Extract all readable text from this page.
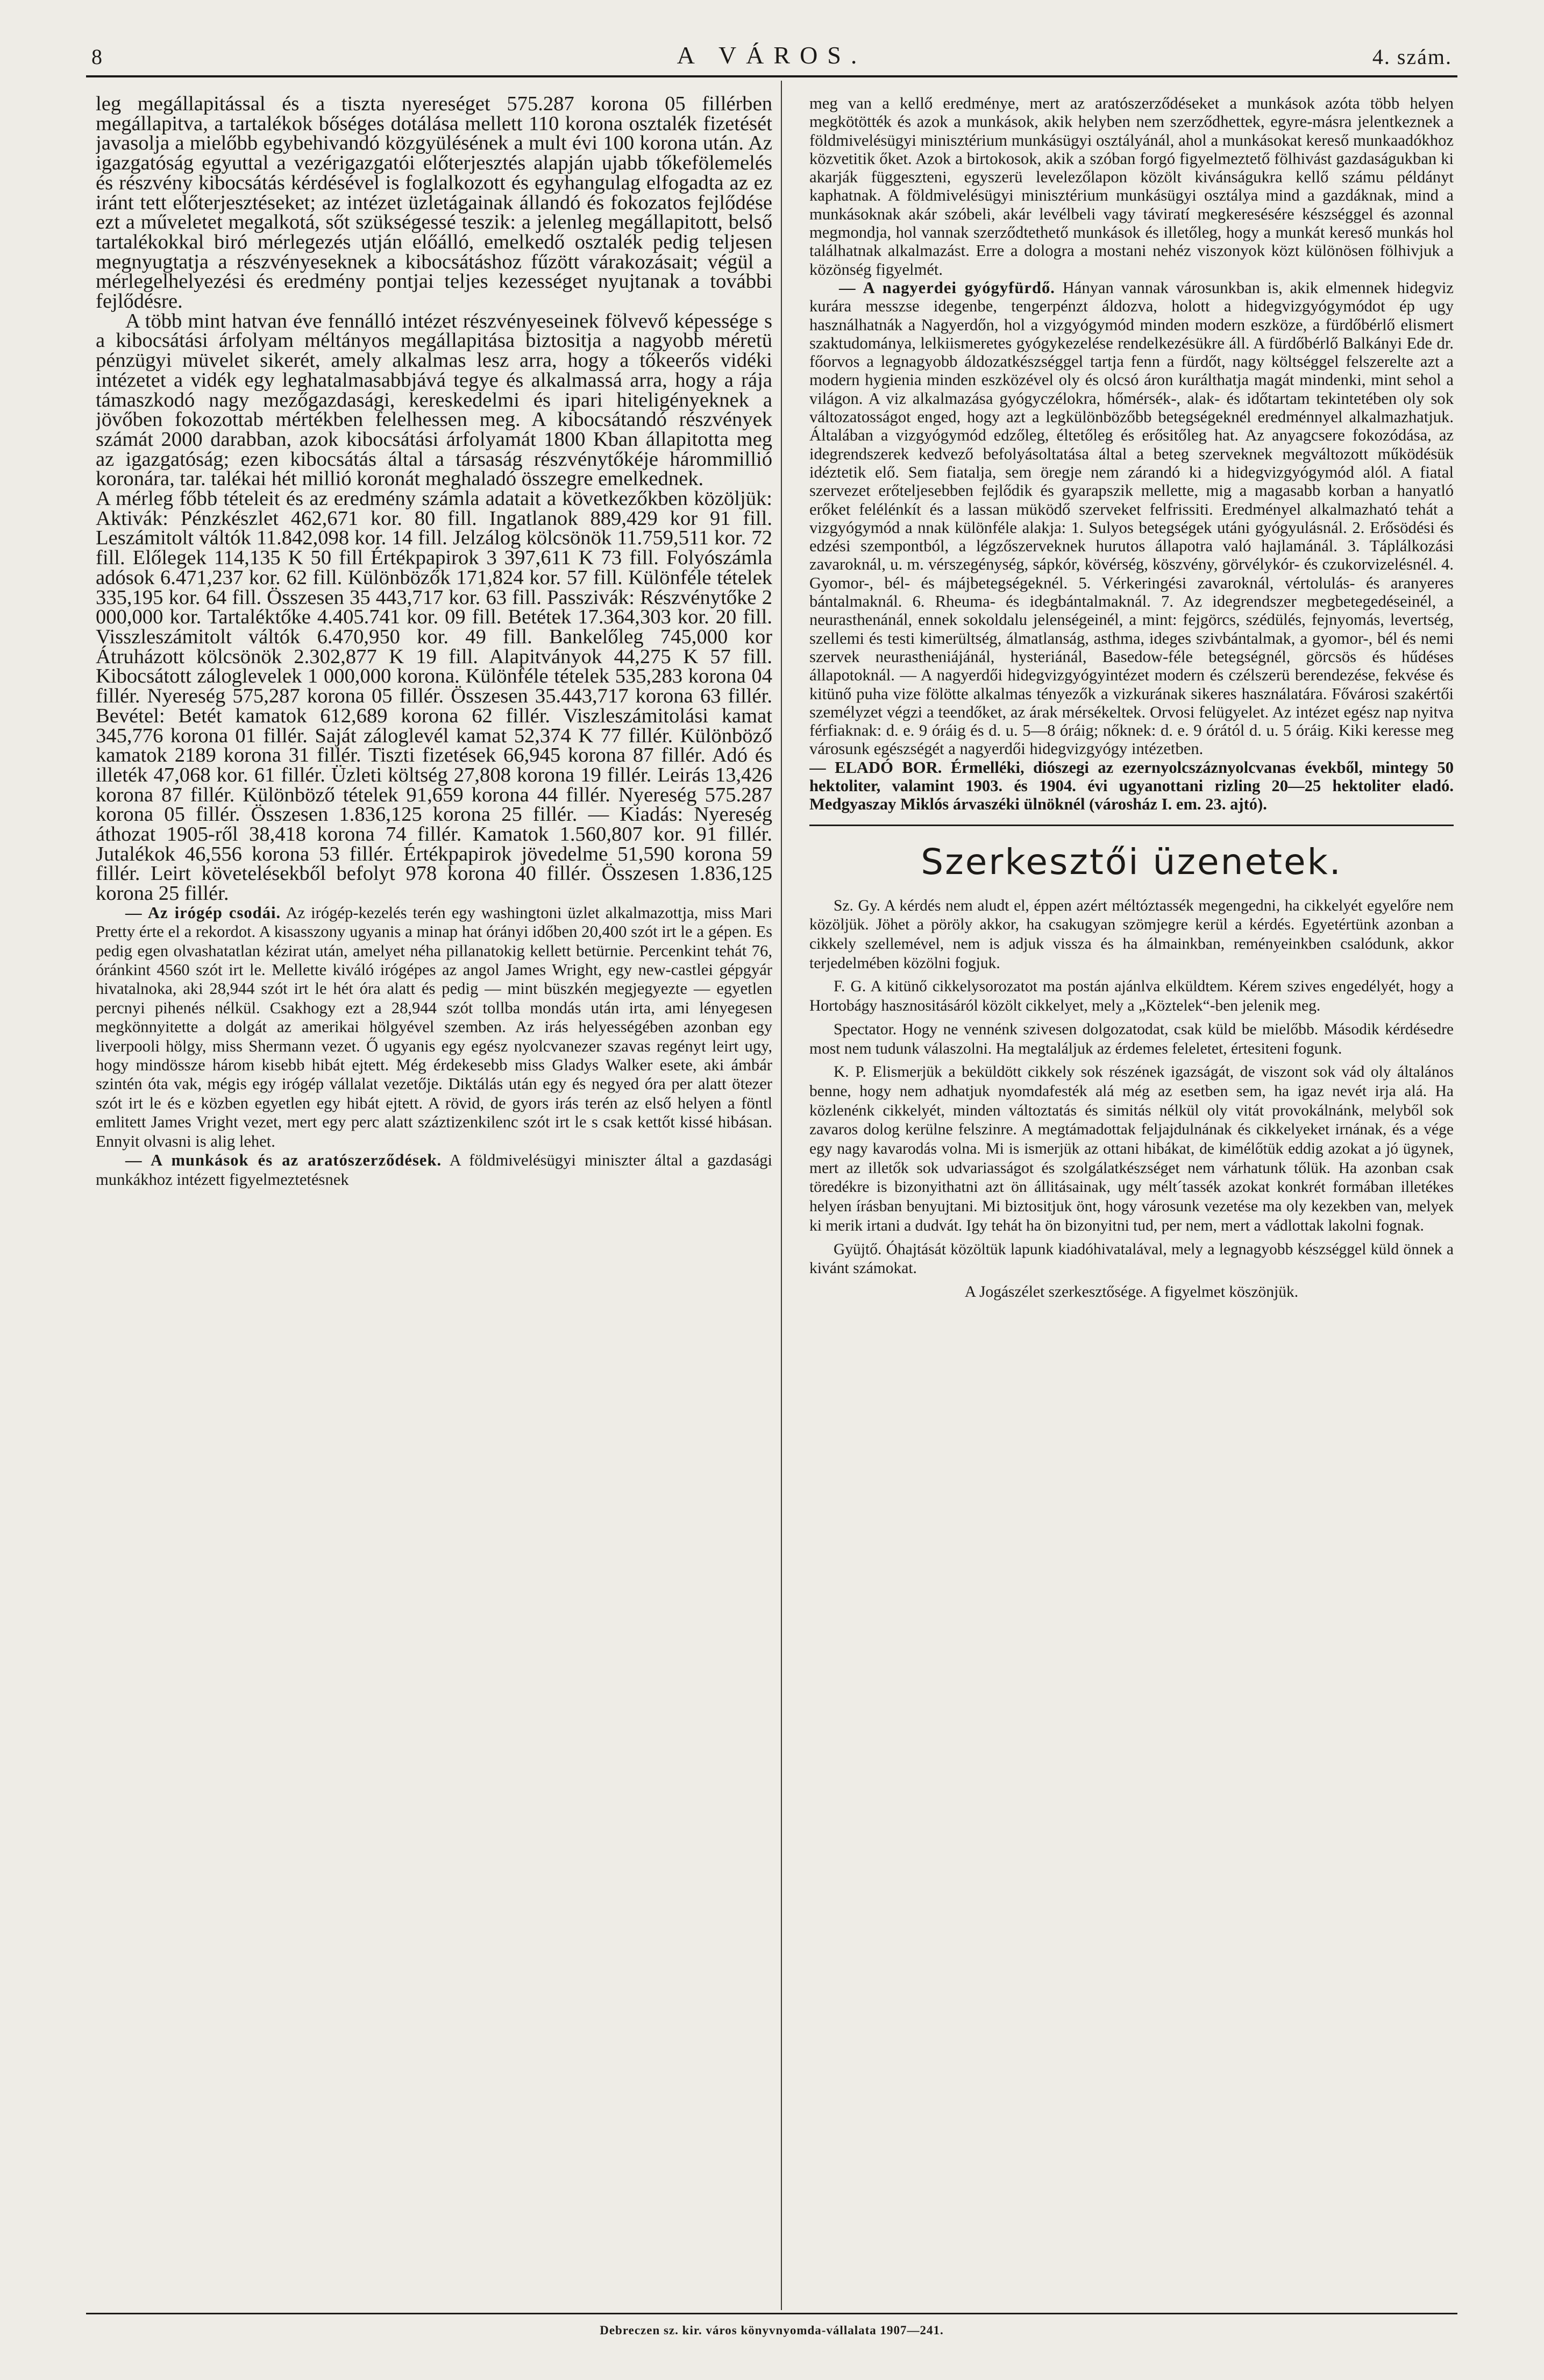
8	A VÁROS.	4. szám.

leg megállapitással és a tiszta nyereséget 575.287 korona 05 fillérben megállapitva, a tartalékok bőséges dotálása mellett 110 korona osztalék fizetését javasolja a mielőbb egybehivandó közgyülésének a mult évi 100 korona után. Az igazgatóság egyuttal a vezérigazgatói előterjesztés alapján ujabb tőkefölemelés és részvény kibocsátás kérdésével is foglalkozott és egyhangulag elfogadta az ez iránt tett előterjesztéseket; az intézet üzletágainak állandó és fokozatos fejlődése ezt a műveletet megalkotá, sőt szükségessé teszik: a jelenleg megállapitott, belső tartalékokkal biró mérlegezés utján előálló, emelkedő osztalék pedig teljesen megnyugtatja a részvényeseknek a kibocsátáshoz fűzött várakozásait; végül a mérlegelhelyezési és eredmény pontjai teljes kezességet nyujtanak a további fejlődésre.

A több mint hatvan éve fennálló intézet részvényeseinek fölvevő képessége s a kibocsátási árfolyam méltányos megállapitása biztositja a nagyobb méretü pénzügyi müvelet sikerét, amely alkalmas lesz arra, hogy a tőkeerős vidéki intézetet a vidék egy leghatalmasabbjává tegye és alkalmassá arra, hogy a rája támaszkodó nagy mezőgazdasági, kereskedelmi és ipari hiteligényeknek a jövőben fokozottab mértékben felelhessen meg. A kibocsátandó részvények számát 2000 darabban, azok kibocsátási árfolyamát 1800 Kban állapitotta meg az igazgatóság; ezen kibocsátás által a társaság részvénytőkéje hárommillió koronára, tar. talékai hét millió koronát meghaladó összegre emelkednek.

A mérleg főbb tételeit és az eredmény számla adatait a következőkben közöljük: Aktivák: Pénzkészlet 462,671 kor. 80 fill. Ingatlanok 889,429 kor 91 fill. Leszámitolt váltók 11.842,098 kor. 14 fill. Jelzálog kölcsönök 11.759,511 kor. 72 fill. Előlegek 114,135 K 50 fill Értékpapirok 3 397,611 K 73 fill. Folyószámla adósok 6.471,237 kor. 62 fill. Különbözők 171,824 kor. 57 fill. Különféle tételek 335,195 kor. 64 fill. Összesen 35 443,717 kor. 63 fill. Passzivák: Részvénytőke 2 000,000 kor. Tartaléktőke 4.405.741 kor. 09 fill. Betétek 17.364,303 kor. 20 fill. Visszleszámitolt váltók 6.470,950 kor. 49 fill. Bankelőleg 745,000 kor Átruházott kölcsönök 2.302,877 K 19 fill. Alapitványok 44,275 K 57 fill. Kibocsátott záloglevelek 1 000,000 korona. Különféle tételek 535,283 korona 04 fillér. Nyereség 575,287 korona 05 fillér. Összesen 35.443,717 korona 63 fillér. Bevétel: Betét kamatok 612,689 korona 62 fillér. Viszleszámitolási kamat 345,776 korona 01 fillér. Saját záloglevél kamat 52,374 K 77 fillér. Különböző kamatok 2189 korona 31 fillér. Tiszti fizetések 66,945 korona 87 fillér. Adó és illeték 47,068 kor. 61 fillér. Üzleti költség 27,808 korona 19 fillér. Leirás 13,426 korona 87 fillér. Különböző tételek 91,659 korona 44 fillér. Nyereség 575.287 korona 05 fillér. Összesen 1.836,125 korona 25 fillér. — Kiadás: Nyereség áthozat 1905-ről 38,418 korona 74 fillér. Kamatok 1.560,807 kor. 91 fillér. Jutalékok 46,556 korona 53 fillér. Értékpapirok jövedelme 51,590 korona 59 fillér. Leirt követelésekből befolyt 978 korona 40 fillér. Összesen 1.836,125 korona 25 fillér.

— Az irógép csodái. Az irógép-kezelés terén egy washingtoni üzlet alkalmazottja, miss Mari Pretty érte el a rekordot. A kisasszony ugyanis a minap hat órányi időben 20,400 szót irt le a gépen. Es pedig egen olvashatatlan kézirat után, amelyet néha pillanatokig kellett betürnie. Percenkint tehát 76, óránkint 4560 szót irt le. Mellette kiváló irógépes az angol James Wright, egy new-castlei gépgyár hivatalnoka, aki 28,944 szót irt le hét óra alatt és pedig — mint büszkén megjegyezte — egyetlen percnyi pihenés nélkül. Csakhogy ezt a 28,944 szót tollba mondás után irta, ami lényegesen megkönnyitette a dolgát az amerikai hölgyével szemben. Az irás helyességében azonban egy liverpooli hölgy, miss Shermann vezet. Ő ugyanis egy egész nyolcvanezer szavas regényt leirt ugy, hogy mindössze három kisebb hibát ejtett. Még érdekesebb miss Gladys Walker esete, aki ámbár szintén óta vak, mégis egy irógép vállalat vezetője. Diktálás után egy és negyed óra per alatt ötezer szót irt le és e közben egyetlen egy hibát ejtett. A rövid, de gyors irás terén az első helyen a föntl emlitett James Vright vezet, mert egy perc alatt száztizenkilenc szót irt le s csak kettőt kissé hibásan. Ennyit olvasni is alig lehet.

— A munkások és az aratószerződések. A földmivelésügyi miniszter által a gazdasági munkákhoz intézett figyelmeztetésnek

meg van a kellő eredménye, mert az aratószerződéseket a munkások azóta több helyen megkötötték és azok a munkások, akik helyben nem szerződhettek, egyre-másra jelentkeznek a földmivelésügyi minisztérium munkásügyi osztályánál, ahol a munkásokat kereső munkaadókhoz közvetitik őket. Azok a birtokosok, akik a szóban forgó figyelmeztető fölhivást gazdaságukban ki akarják függeszteni, egyszerü levelezőlapon közölt kivánságukra kellő számu példányt kaphatnak. A földmivelésügyi minisztérium munkásügyi osztálya mind a gazdáknak, mind a munkásoknak akár szóbeli, akár levélbeli vagy táviratí megkeresésére készséggel és azonnal megmondja, hol vannak szerződtethető munkások és illetőleg, hogy a munkát kereső munkás hol találhatnak alkalmazást. Erre a dologra a mostani nehéz viszonyok közt különösen fölhivjuk a közönség figyelmét.

— A nagyerdei gyógyfürdő. Hányan vannak városunkban is, akik elmennek hidegviz kurára messzse idegenbe, tengerpénzt áldozva, holott a hidegvizgyógymódot ép ugy használhatnák a Nagyerdőn, hol a vizgyógymód minden modern eszköze, a fürdőbérlő elismert szaktudománya, lelkiismeretes gyógykezelése rendelkezésükre áll. A fürdőbérlő Balkányi Ede dr. főorvos a legnagyobb áldozatkészséggel tartja fenn a fürdőt, nagy költséggel felszerelte azt a modern hygienia minden eszközével oly és olcsó áron kurálthatja magát mindenki, mint sehol a világon. A viz alkalmazása gyógyczélokra, hőmérsék-, alak- és időtartam tekintetében oly sok változatosságot enged, hogy azt a legkülönbözőbb betegségeknél eredménnyel alkalmazhatjuk. Általában a vizgyógymód edzőleg, éltetőleg és erősitőleg hat. Az anyagcsere fokozódása, az idegrendszerek kedvező befolyásoltatása által a beteg szerveknek megváltozott működésük idéztetik elő. Sem fiatalja, sem öregje nem zárandó ki a hidegvizgyógymód alól. A fiatal szervezet erőteljesebben fejlődik és gyarapszik mellette, mig a magasabb korban a hanyatló erőket felélénkít és a lassan müködő szerveket felfrissiti. Eredményel alkalmazható tehát a vizgyógymód a nnak különféle alakja: 1. Sulyos betegségek utáni gyógyulásnál. 2. Erősödési és edzési szempontból, a légzőszerveknek hurutos állapotra való hajlamánál. 3. Táplálkozási zavaroknál, u. m. vérszegénység, sápkór, kövérség, köszvény, görvélykór- és czukorvizelésnél. 4. Gyomor-, bél- és májbetegségeknél. 5. Vérkeringési zavaroknál, vértolulás- és aranyeres bántalmaknál. 6. Rheuma- és idegbántalmaknál. 7. Az idegrendszer megbetegedéseinél, a neurasthenánál, ennek sokoldalu jelenségeinél, a mint: fejgörcs, szédülés, fejnyomás, levertség, szellemi és testi kimerültség, álmatlanság, asthma, ideges szivbántalmak, a gyomor-, bél és nemi szervek neurastheniájánál, hysteriánál, Basedow-féle betegségnél, görcsös és hűdéses állapotoknál. — A nagyerdői hidegvizgyógyintézet modern és czélszerü berendezése, fekvése és kitünő puha vize fölötte alkalmas tényezők a vizkurának sikeres használatára. Fővárosi szakértői személyzet végzi a teendőket, az árak mérsékeltek. Orvosi felügyelet. Az intézet egész nap nyitva férfiaknak: d. e. 9 óráig és d. u. 5—8 óráig; nőknek: d. e. 9 órától d. u. 5 óráig. Kiki keresse meg városunk egészségét a nagyerdői hidegvizgyógy intézetben.

— ELADÓ BOR. Érmelléki, diószegi az ezernyolcszáznyolcvanas évekből, mintegy 50 hektoliter, valamint 1903. és 1904. évi ugyanottani rizling 20—25 hektoliter eladó. Medgyaszay Miklós árvaszéki ülnöknél (városház I. em. 23. ajtó).

Szerkesztői üzenetek.

Sz. Gy. A kérdés nem aludt el, éppen azért méltóztassék megengedni, ha cikkelyét egyelőre nem közöljük. Jöhet a pöröly akkor, ha csakugyan szömjegre kerül a kérdés. Egyetértünk azonban a cikkely szellemével, nem is adjuk vissza és ha álmainkban, reményeinkben csalódunk, akkor terjedelmében közölni fogjuk.

F. G. A kitünő cikkelysorozatot ma postán ajánlva elküldtem. Kérem szives engedélyét, hogy a Hortobágy hasznositásáról közölt cikkelyet, mely a „Köztelek“-ben jelenik meg.

Spectator. Hogy ne vennénk szivesen dolgozatodat, csak küld be mielőbb. Második kérdésedre most nem tudunk válaszolni. Ha megtaláljuk az érdemes feleletet, értesiteni fogunk.

K. P. Elismerjük a beküldött cikkely sok részének igazságát, de viszont sok vád oly általános benne, hogy nem adhatjuk nyomdafesték alá még az esetben sem, ha igaz nevét irja alá. Ha közlenénk cikkelyét, minden változtatás és simitás nélkül oly vitát provokálnánk, melyből sok zavaros dolog kerülne felszinre. A megtámadottak feljajdulnának és cikkelyeket irnának, és a vége egy nagy kavarodás volna. Mi is ismerjük az ottani hibákat, de kimélőtük eddig azokat a jó ügynek, mert az illetők sok udvariasságot és szolgálatkészséget nem várhatunk tőlük. Ha azonban csak töredékre is bizonyithatni azt ön állitásainak, ugy mélt´tassék azokat konkrét formában illetékes helyen írásban benyujtani. Mi biztositjuk önt, hogy városunk vezetése ma oly kezekben van, melyek ki merik irtani a dudvát. Igy tehát ha ön bizonyitni tud, per nem, mert a vádlottak lakolni fognak.

Gyüjtő. Óhajtását közöltük lapunk kiadóhivatalával, mely a legnagyobb készséggel küld önnek a kivánt számokat.

A Jogászélet szerkesztősége. A figyelmet köszönjük.

Debreczen sz. kir. város könyvnyomda-vállalata 1907—241.
